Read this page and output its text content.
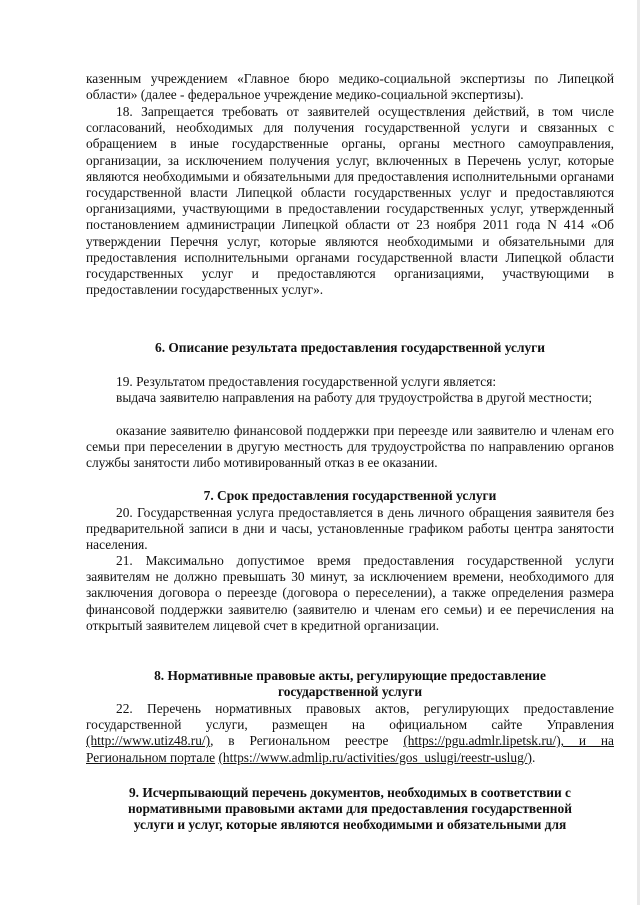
казенным учреждением «Главное бюро медико-социальной экспертизы по Липецкой области» (далее - федеральное учреждение медико-социальной экспертизы).

18. Запрещается требовать от заявителей осуществления действий, в том числе согласований, необходимых для получения государственной услуги и связанных с обращением в иные государственные органы, органы местного самоуправления, организации, за исключением получения услуг, включенных в Перечень услуг, которые являются необходимыми и обязательными для предоставления исполнительными органами государственной власти Липецкой области государственных услуг и предоставляются организациями, участвующими в предоставлении государственных услуг, утвержденный постановлением администрации Липецкой области от 23 ноября 2011 года N 414 «Об утверждении Перечня услуг, которые являются необходимыми и обязательными для предоставления исполнительными органами государственной власти Липецкой области государственных услуг и предоставляются организациями, участвующими в предоставлении государственных услуг».

6. Описание результата предоставления государственной услуги

19. Результатом предоставления государственной услуги является:

выдача заявителю направления на работу для трудоустройства в другой местности;

оказание заявителю финансовой поддержки при переезде или заявителю и членам его семьи при переселении в другую местность для трудоустройства по направлению органов службы занятости либо мотивированный отказ в ее оказании.

7. Срок предоставления государственной услуги

20. Государственная услуга предоставляется в день личного обращения заявителя без предварительной записи в дни и часы, установленные графиком работы центра занятости населения.

21. Максимально допустимое время предоставления государственной услуги заявителям не должно превышать 30 минут, за исключением времени, необходимого для заключения договора о переезде (договора о переселении), а также определения размера финансовой поддержки заявителю (заявителю и членам его семьи) и ее перечисления на открытый заявителем лицевой счет в кредитной организации.

8. Нормативные правовые акты, регулирующие предоставление
государственной услуги

22. Перечень нормативных правовых актов, регулирующих предоставление государственной услуги, размещен на официальном сайте Управления (http://www.utiz48.ru/), в Региональном реестре (https://pgu.admlr.lipetsk.ru/), и на Региональном портале (https://www.admlip.ru/activities/gos_uslugi/reestr-uslug/).

9. Исчерпывающий перечень документов, необходимых в соответствии с
нормативными правовыми актами для предоставления государственной
услуги и услуг, которые являются необходимыми и обязательными для
